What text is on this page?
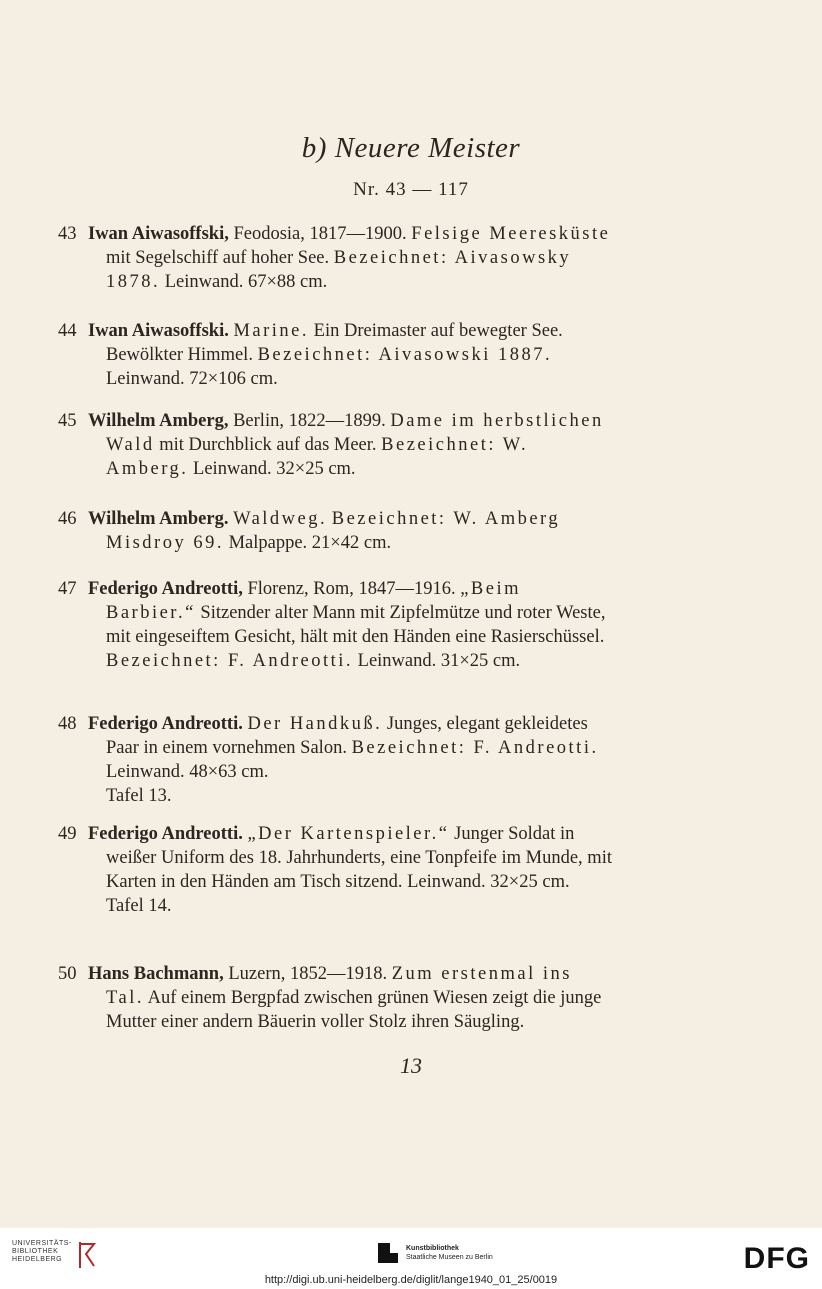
b) Neuere Meister
Nr. 43 — 117
43 Iwan Aiwasoffski, Feodosia, 1817—1900. Felsige Meeresküste mit Segelschiff auf hoher See. Bezeichnet: Aivasowsky 1878. Leinwand. 67×88 cm.
44 Iwan Aiwasoffski. Marine. Ein Dreimaster auf bewegter See. Bewölkter Himmel. Bezeichnet: Aivasowski 1887. Leinwand. 72×106 cm.
45 Wilhelm Amberg, Berlin, 1822—1899. Dame im herbstlichen Wald mit Durchblick auf das Meer. Bezeichnet: W. Amberg. Leinwand. 32×25 cm.
46 Wilhelm Amberg. Waldweg. Bezeichnet: W. Amberg Misdroy 69. Malpappe. 21×42 cm.
47 Federigo Andreotti, Florenz, Rom, 1847—1916. „Beim Barbier.“ Sitzender alter Mann mit Zipfelmütze und roter Weste, mit eingeseiftem Gesicht, hält mit den Händen eine Rasierschüssel. Bezeichnet: F. Andreotti. Leinwand. 31×25 cm.
48 Federigo Andreotti. Der Handkuß. Junges, elegant gekleidetes Paar in einem vornehmen Salon. Bezeichnet: F. Andreotti. Leinwand. 48×63 cm.
Tafel 13.
49 Federigo Andreotti. „Der Kartenspieler.“ Junger Soldat in weißer Uniform des 18. Jahrhunderts, eine Tonpfeife im Munde, mit Karten in den Händen am Tisch sitzend. Leinwand. 32×25 cm.
Tafel 14.
50 Hans Bachmann, Luzern, 1852—1918. Zum erstenmal ins Tal. Auf einem Bergpfad zwischen grünen Wiesen zeigt die junge Mutter einer andern Bäuerin voller Stolz ihren Säugling.
13
UNIVERSITÄTS-
BIBLIOTHEK
HEIDELBERG
Kunstbibliothek
Staatliche Museen zu Berlin	DFG
http://digi.ub.uni-heidelberg.de/diglit/lange1940_01_25/0019
